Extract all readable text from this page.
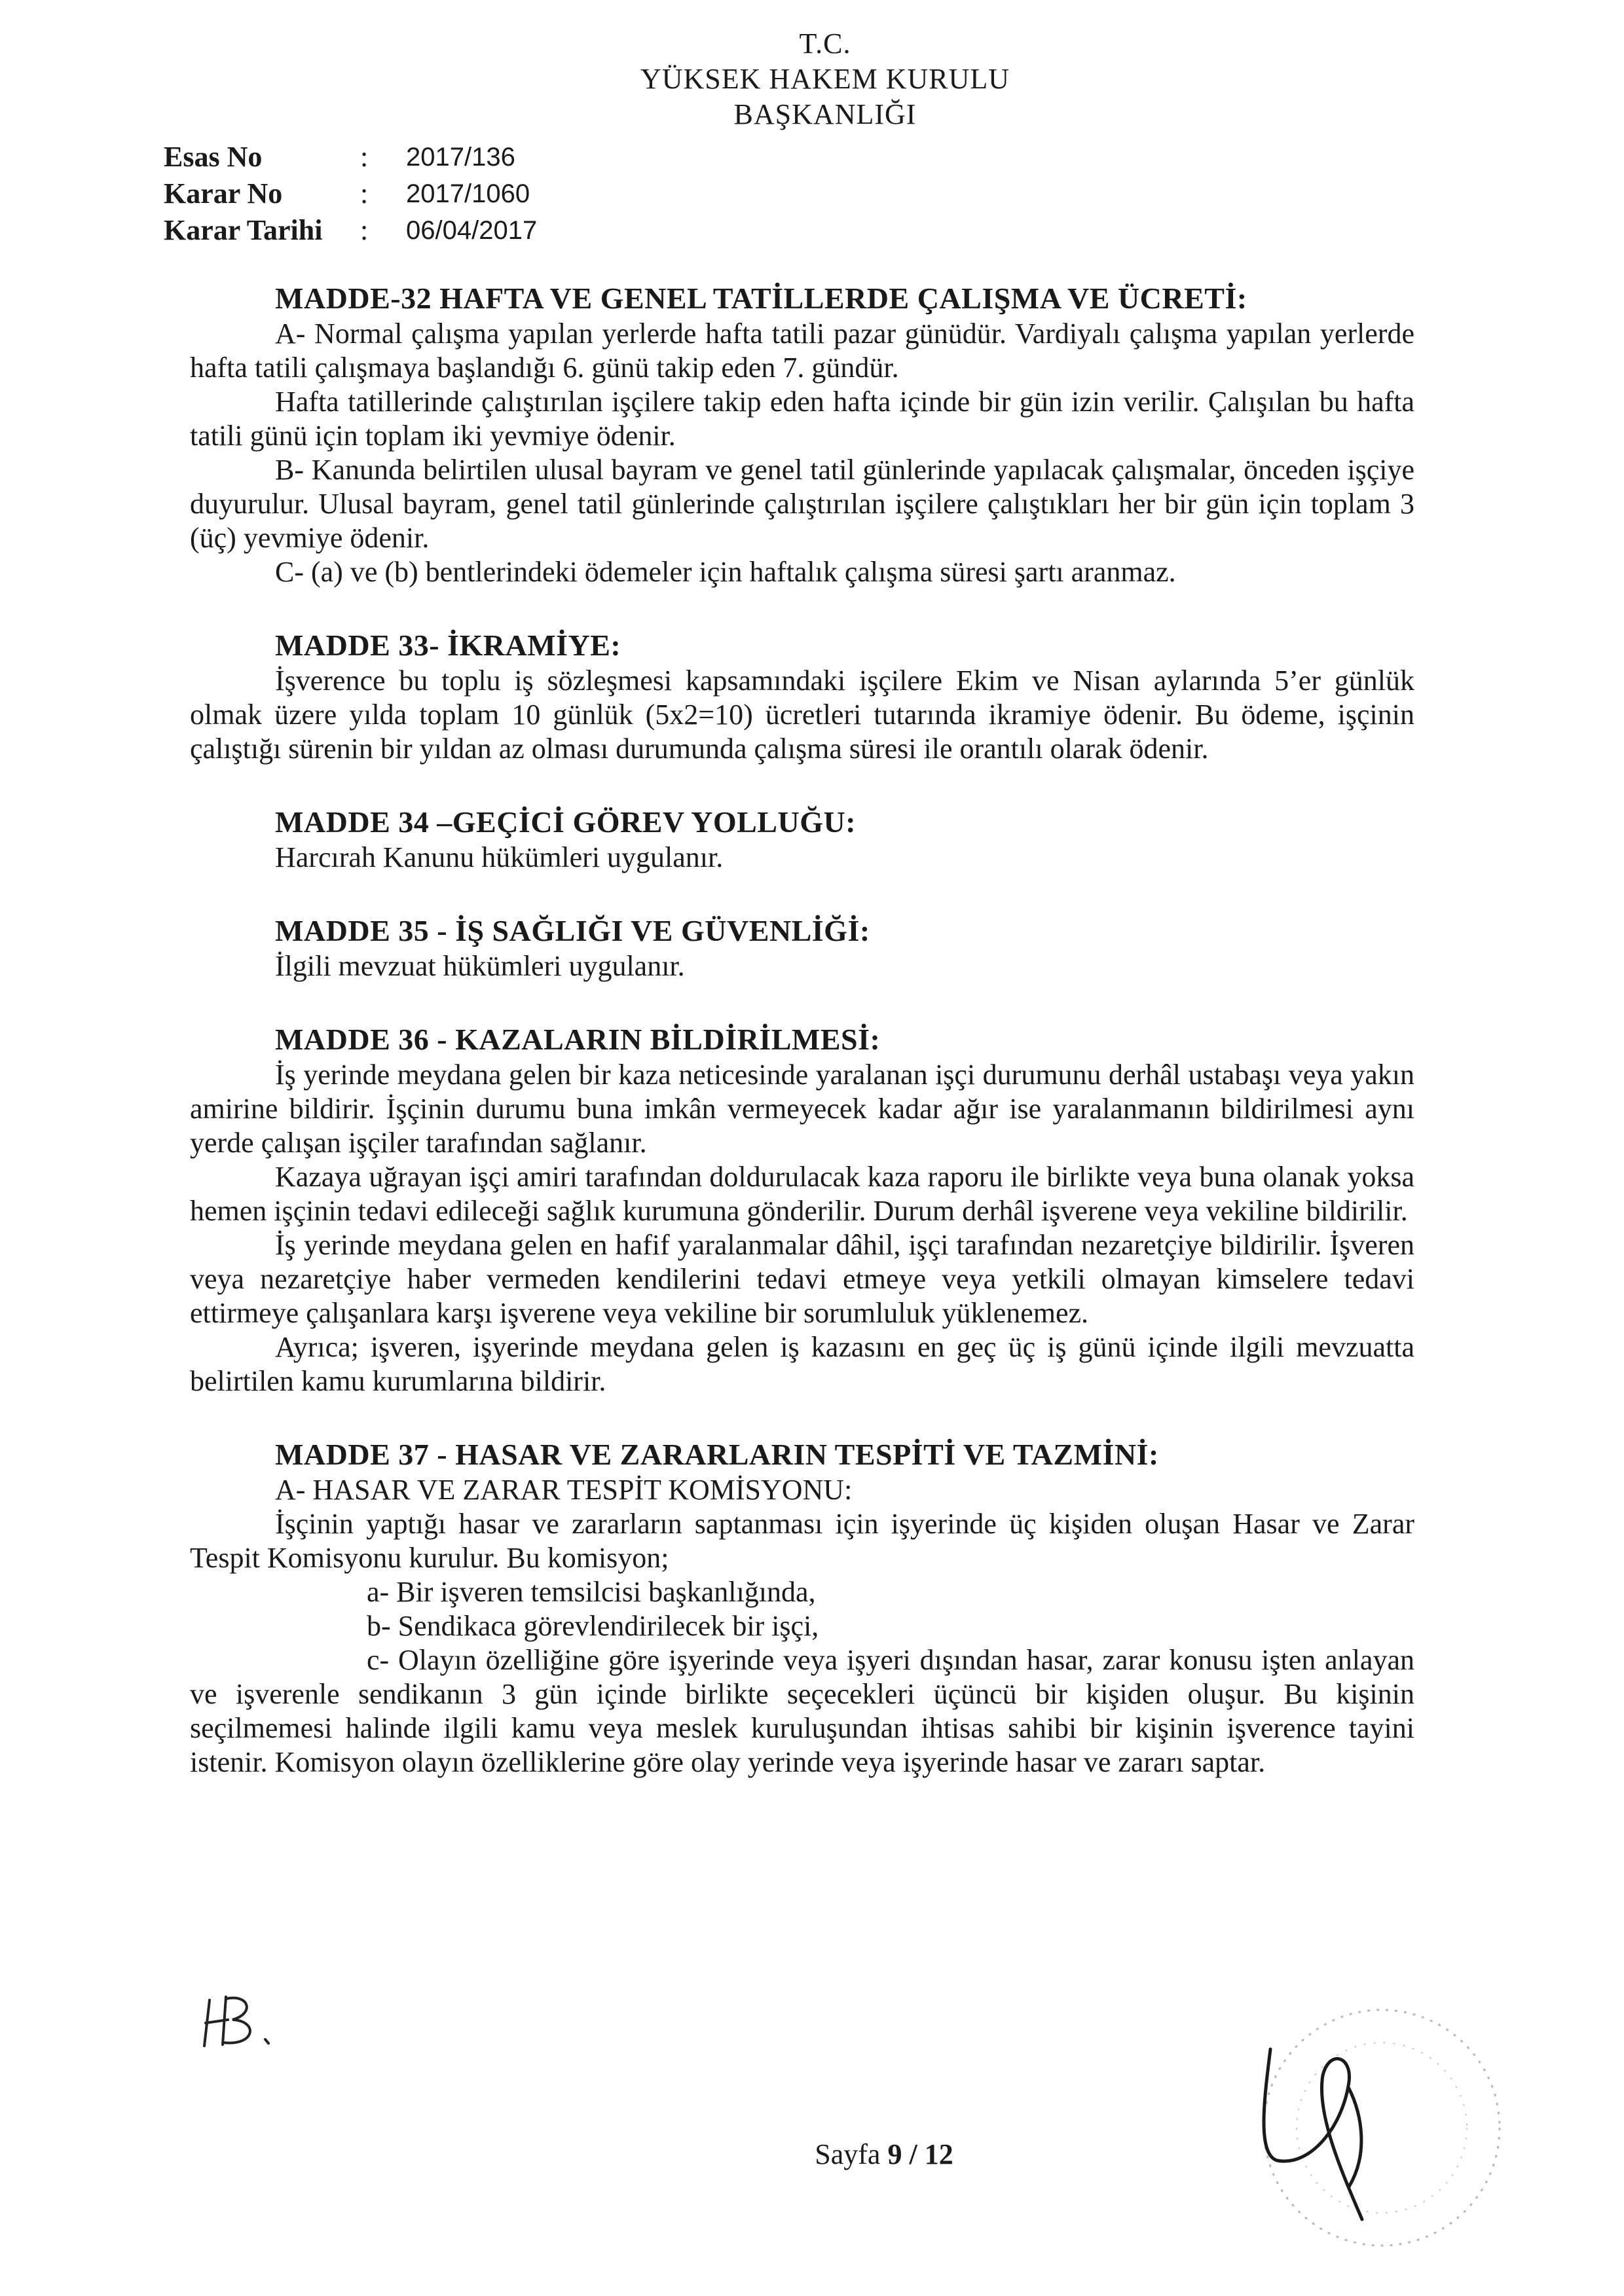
T.C.
YÜKSEK HAKEM KURULU
BAŞKANLIĞI
Esas No	:	2017/136
Karar No	:	2017/1060
Karar Tarihi	:	06/04/2017
MADDE-32 HAFTA VE GENEL TATİLLERDE ÇALIŞMA VE ÜCRETİ:

A- Normal çalışma yapılan yerlerde hafta tatili pazar günüdür. Vardiyalı çalışma yapılan yerlerde hafta tatili çalışmaya başlandığı 6. günü takip eden 7. gündür.

Hafta tatillerinde çalıştırılan işçilere takip eden hafta içinde bir gün izin verilir. Çalışılan bu hafta tatili günü için toplam iki yevmiye ödenir.

B- Kanunda belirtilen ulusal bayram ve genel tatil günlerinde yapılacak çalışmalar, önceden işçiye duyurulur. Ulusal bayram, genel tatil günlerinde çalıştırılan işçilere çalıştıkları her bir gün için toplam 3 (üç) yevmiye ödenir.

C- (a) ve (b) bentlerindeki ödemeler için haftalık çalışma süresi şartı aranmaz.

MADDE 33- İKRAMİYE:

İşverence bu toplu iş sözleşmesi kapsamındaki işçilere Ekim ve Nisan aylarında 5’er günlük olmak üzere yılda toplam 10 günlük (5x2=10) ücretleri tutarında ikramiye ödenir. Bu ödeme, işçinin çalıştığı sürenin bir yıldan az olması durumunda çalışma süresi ile orantılı olarak ödenir.

MADDE 34 –GEÇİCİ GÖREV YOLLUĞU:

Harcırah Kanunu hükümleri uygulanır.

MADDE 35 - İŞ SAĞLIĞI VE GÜVENLİĞİ:

İlgili mevzuat hükümleri uygulanır.

MADDE 36 - KAZALARIN BİLDİRİLMESİ:

İş yerinde meydana gelen bir kaza neticesinde yaralanan işçi durumunu derhâl ustabaşı veya yakın amirine bildirir. İşçinin durumu buna imkân vermeyecek kadar ağır ise yaralanmanın bildirilmesi aynı yerde çalışan işçiler tarafından sağlanır.

Kazaya uğrayan işçi amiri tarafından doldurulacak kaza raporu ile birlikte veya buna olanak yoksa hemen işçinin tedavi edileceği sağlık kurumuna gönderilir. Durum derhâl işverene veya vekiline bildirilir.

İş yerinde meydana gelen en hafif yaralanmalar dâhil, işçi tarafından nezaretçiye bildirilir. İşveren veya nezaretçiye haber vermeden kendilerini tedavi etmeye veya yetkili olmayan kimselere tedavi ettirmeye çalışanlara karşı işverene veya vekiline bir sorumluluk yüklenemez.

Ayrıca; işveren, işyerinde meydana gelen iş kazasını en geç üç iş günü içinde ilgili mevzuatta belirtilen kamu kurumlarına bildirir.

MADDE 37 - HASAR VE ZARARLARIN TESPİTİ VE TAZMİNİ:

A- HASAR VE ZARAR TESPİT KOMİSYONU:

İşçinin yaptığı hasar ve zararların saptanması için işyerinde üç kişiden oluşan Hasar ve Zarar Tespit Komisyonu kurulur. Bu komisyon;

a- Bir işveren temsilcisi başkanlığında,

b- Sendikaca görevlendirilecek bir işçi,

c- Olayın özelliğine göre işyerinde veya işyeri dışından hasar, zarar konusu işten anlayan ve işverenle sendikanın 3 gün içinde birlikte seçecekleri üçüncü bir kişiden oluşur. Bu kişinin seçilmemesi halinde ilgili kamu veya meslek kuruluşundan ihtisas sahibi bir kişinin işverence tayini istenir. Komisyon olayın özelliklerine göre olay yerinde veya işyerinde hasar ve zararı saptar.

Sayfa 9 / 12
